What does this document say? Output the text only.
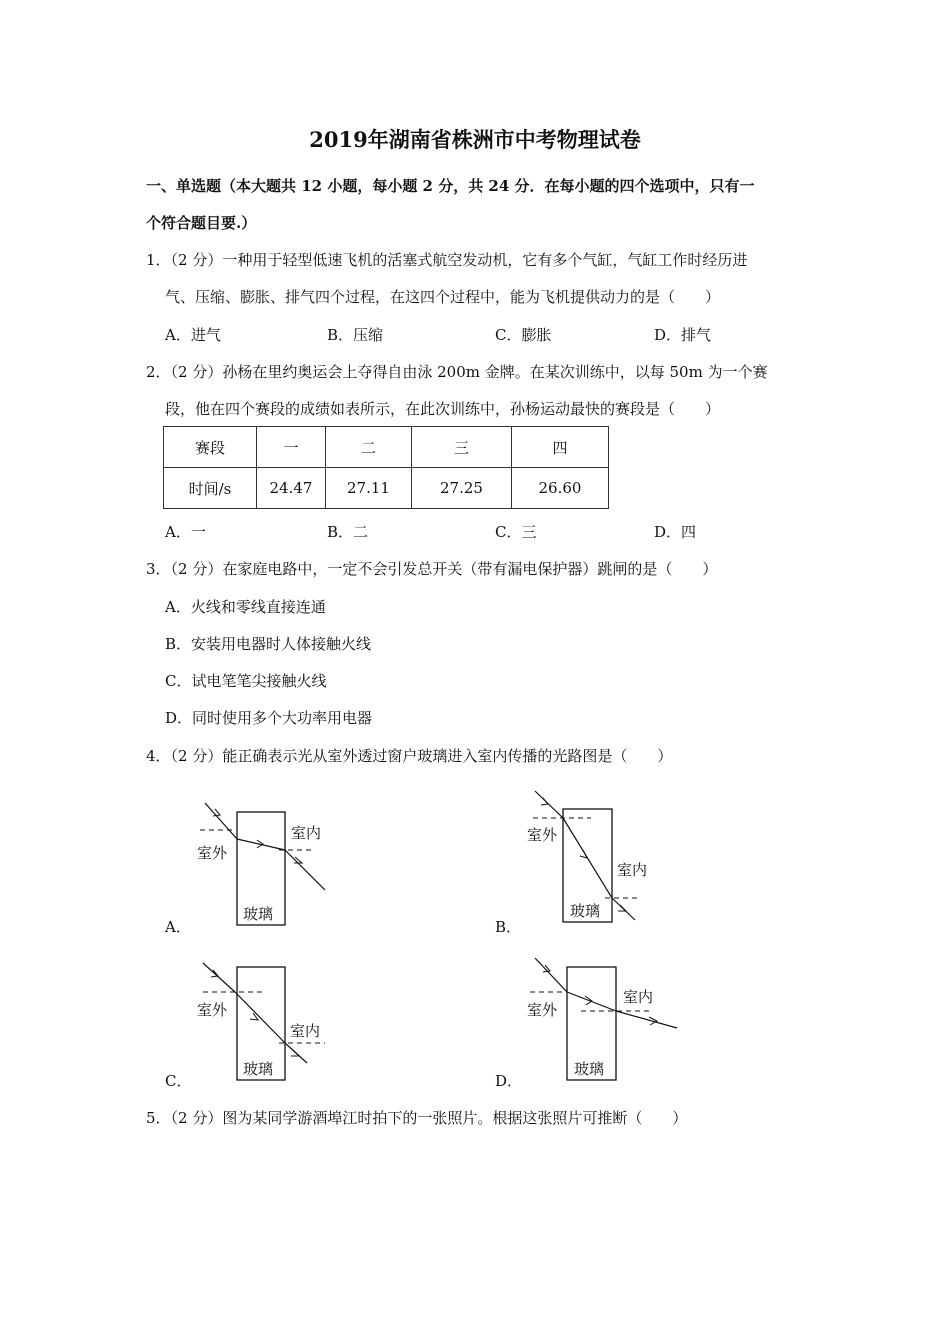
2019年湖南省株洲市中考物理试卷
一、单选题（本大题共 12 小题，每小题 2 分，共 24 分．在每小题的四个选项中，只有一
个符合题目要.）
1．（2 分）一种用于轻型低速飞机的活塞式航空发动机，它有多个气缸，气缸工作时经历进
气、压缩、膨胀、排气四个过程，在这四个过程中，能为飞机提供动力的是（　　）
A．进气	B．压缩	C．膨胀	D．排气
2．（2 分）孙杨在里约奥运会上夺得自由泳 200m 金牌。在某次训练中，以每 50m 为一个赛
段，他在四个赛段的成绩如表所示，在此次训练中，孙杨运动最快的赛段是（　　）
赛段	一	二	三	四
时间/s	24.47	27.11	27.25	26.60
A．一	B．二	C．三	D．四
3．（2 分）在家庭电路中，一定不会引发总开关（带有漏电保护器）跳闸的是（　　）
A．火线和零线直接连通
B．安装用电器时人体接触火线
C．试电笔笔尖接触火线
D．同时使用多个大功率用电器
4．（2 分）能正确表示光从室外透过窗户玻璃进入室内传播的光路图是（　　）
室外
室内
玻璃
A．
室外
室内
玻璃
B．
室外
室内
玻璃
C．
室外
室内
玻璃
D．
5．（2 分）图为某同学游酒埠江时拍下的一张照片。根据这张照片可推断（　　）
